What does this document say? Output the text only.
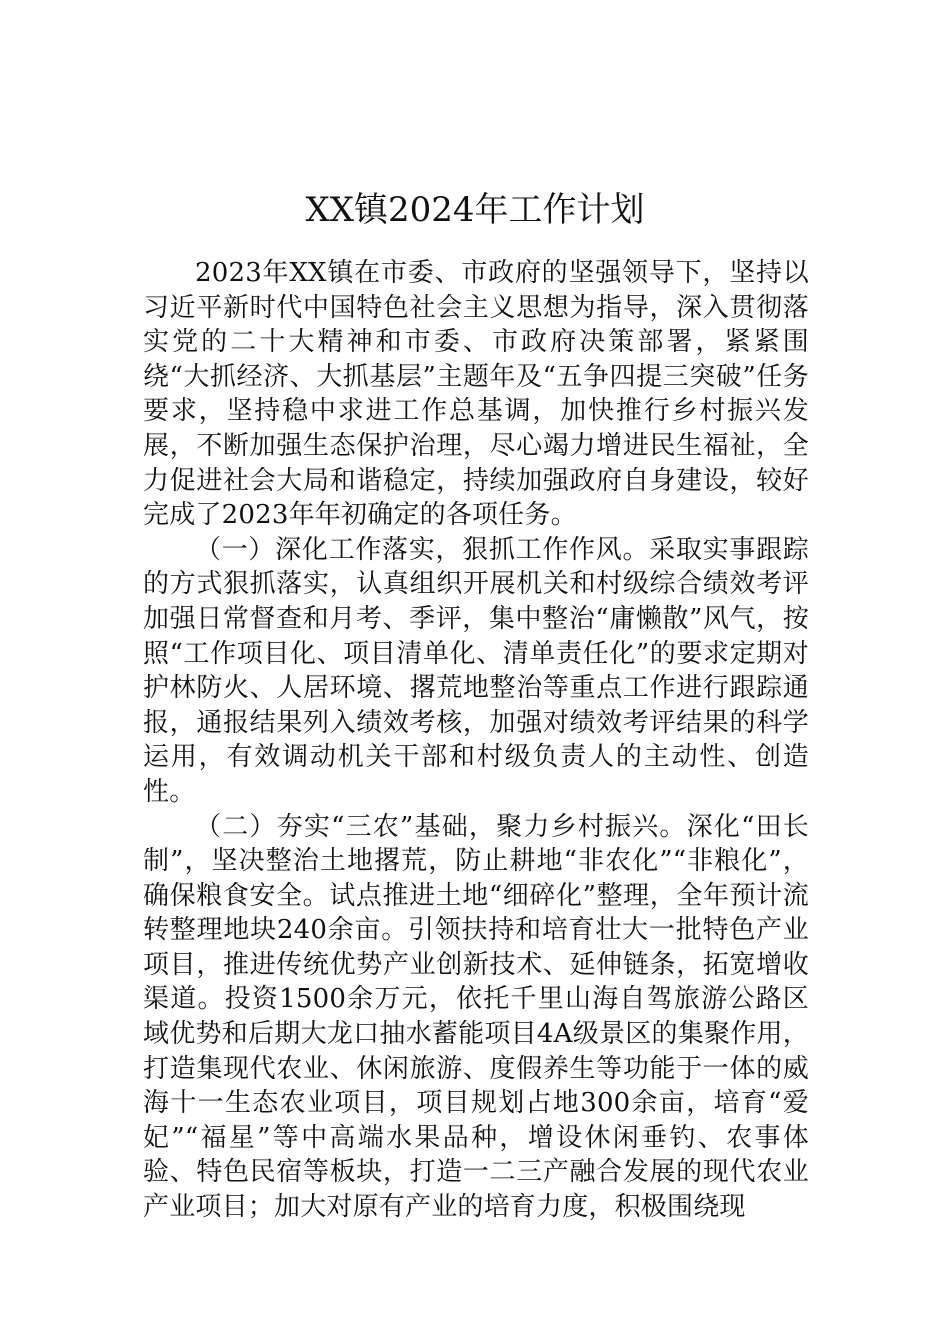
XX镇2024年工作计划

2023年XX镇在市委、市政府的坚强领导下，坚持以习近平新时代中国特色社会主义思想为指导，深入贯彻落实党的二十大精神和市委、市政府决策部署，紧紧围绕“大抓经济、大抓基层”主题年及“五争四提三突破”任务要求，坚持稳中求进工作总基调，加快推行乡村振兴发展，不断加强生态保护治理，尽心竭力增进民生福祉，全力促进社会大局和谐稳定，持续加强政府自身建设，较好完成了2023年年初确定的各项任务。

（一）深化工作落实，狠抓工作作风。采取实事跟踪的方式狠抓落实，认真组织开展机关和村级综合绩效考评加强日常督查和月考、季评，集中整治“庸懒散”风气，按照“工作项目化、项目清单化、清单责任化”的要求定期对护林防火、人居环境、撂荒地整治等重点工作进行跟踪通报，通报结果列入绩效考核，加强对绩效考评结果的科学运用，有效调动机关干部和村级负责人的主动性、创造性。

（二）夯实“三农”基础，聚力乡村振兴。深化“田长制”，坚决整治土地撂荒，防止耕地“非农化”“非粮化”，确保粮食安全。试点推进土地“细碎化”整理，全年预计流转整理地块240余亩。引领扶持和培育壮大一批特色产业项目，推进传统优势产业创新技术、延伸链条，拓宽增收渠道。投资1500余万元，依托千里山海自驾旅游公路区域优势和后期大龙口抽水蓄能项目4A级景区的集聚作用，打造集现代农业、休闲旅游、度假养生等功能于一体的威海十一生态农业项目，项目规划占地300余亩，培育“爱妃”“福星”等中高端水果品种，增设休闲垂钓、农事体验、特色民宿等板块，打造一二三产融合发展的现代农业产业项目；加大对原有产业的培育力度，积极围绕现
